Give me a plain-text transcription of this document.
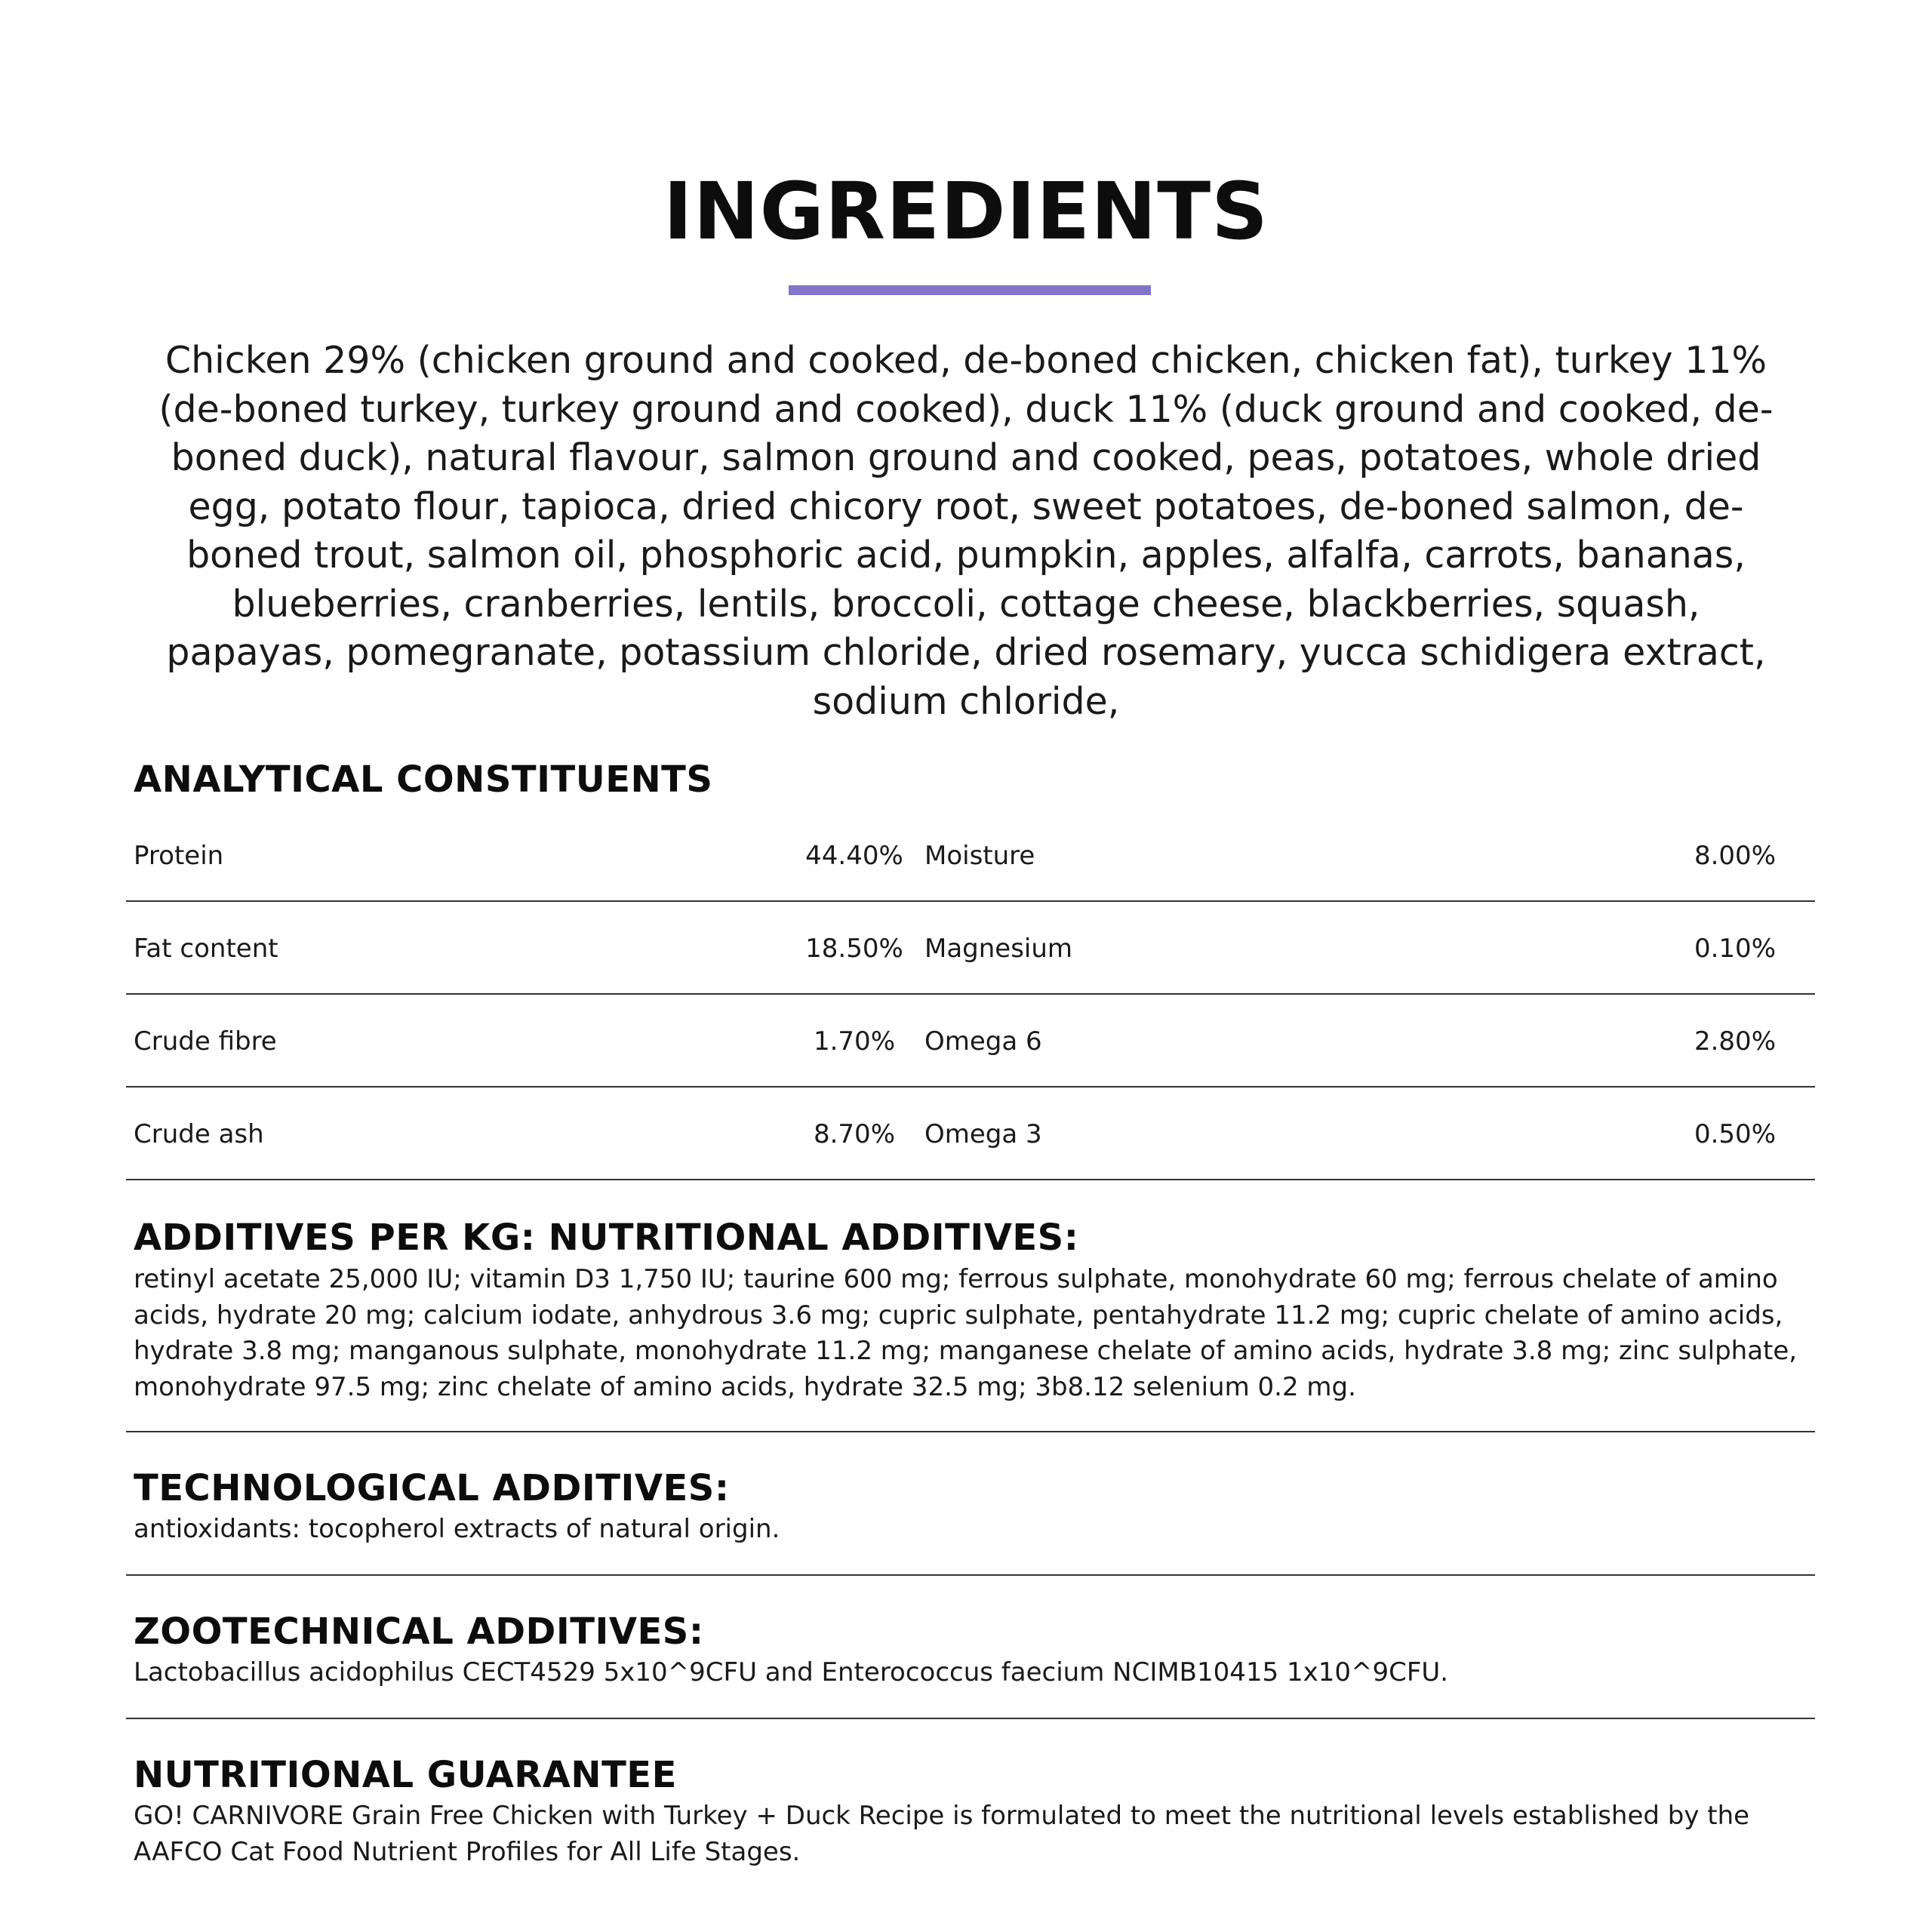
INGREDIENTS

Chicken 29% (chicken ground and cooked, de-boned chicken, chicken fat), turkey 11% (de-boned turkey, turkey ground and cooked), duck 11% (duck ground and cooked, de-boned duck), natural flavour, salmon ground and cooked, peas, potatoes, whole dried egg, potato flour, tapioca, dried chicory root, sweet potatoes, de-boned salmon, de-boned trout, salmon oil, phosphoric acid, pumpkin, apples, alfalfa, carrots, bananas, blueberries, cranberries, lentils, broccoli, cottage cheese, blackberries, squash, papayas, pomegranate, potassium chloride, dried rosemary, yucca schidigera extract, sodium chloride,

ANALYTICAL CONSTITUENTS
Protein	44.40% Moisture	8.00%
Fat content	18.50% Magnesium	0.10%
Crude fibre	1.70%	Omega 6	2.80%
Crude ash	8.70%	Omega 3	0.50%
ADDITIVES PER KG: NUTRITIONAL ADDITIVES:

retinyl acetate 25,000 IU; vitamin D3 1,750 IU; taurine 600 mg; ferrous sulphate, monohydrate 60 mg; ferrous chelate of amino acids, hydrate 20 mg; calcium iodate, anhydrous 3.6 mg; cupric sulphate, pentahydrate 11.2 mg; cupric chelate of amino acids, hydrate 3.8 mg; manganous sulphate, monohydrate 11.2 mg; manganese chelate of amino acids, hydrate 3.8 mg; zinc sulphate, monohydrate 97.5 mg; zinc chelate of amino acids, hydrate 32.5 mg; 3b8.12 selenium 0.2 mg.

TECHNOLOGICAL ADDITIVES:

antioxidants: tocopherol extracts of natural origin.

ZOOTECHNICAL ADDITIVES:

Lactobacillus acidophilus CECT4529 5x10^9CFU and Enterococcus faecium NCIMB10415 1x10^9CFU.

NUTRITIONAL GUARANTEE

GO! CARNIVORE Grain Free Chicken with Turkey + Duck Recipe is formulated to meet the nutritional levels established by the AAFCO Cat Food Nutrient Profiles for All Life Stages.
